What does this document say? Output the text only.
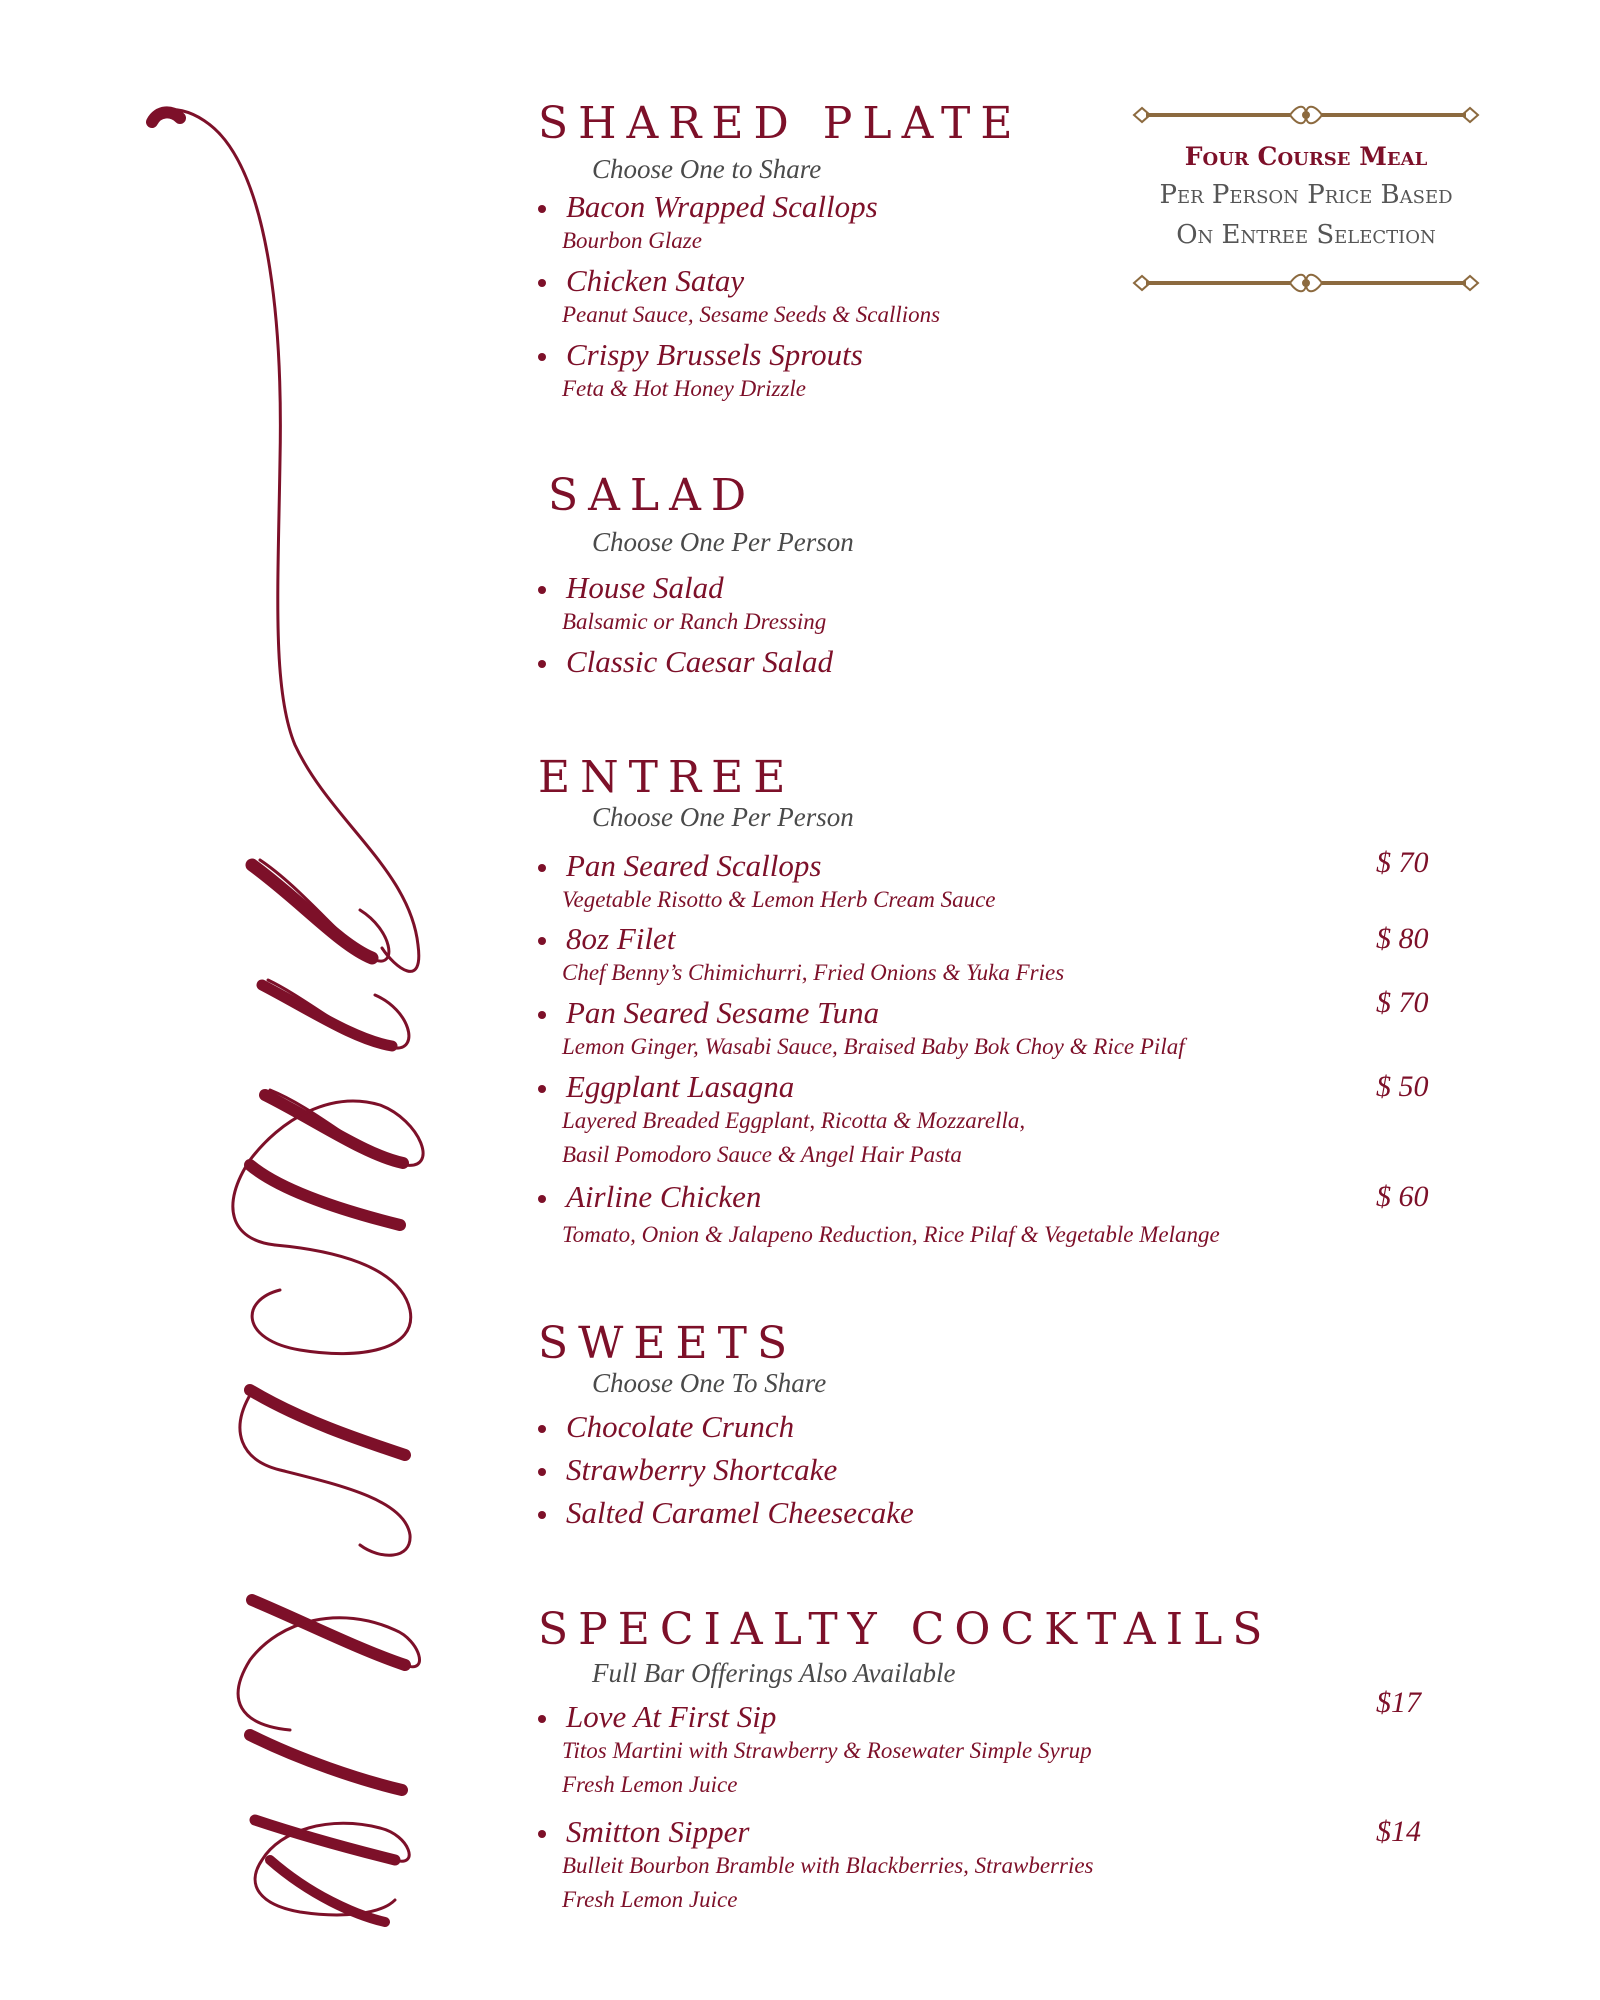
Four Course Meal

Per Person Price Based

On Entree Selection

SHARED PLATE

Choose One to Share

Bacon Wrapped Scallops
Bourbon Glaze
Chicken Satay
Peanut Sauce, Sesame Seeds & Scallions
Crispy Brussels Sprouts
Feta & Hot Honey Drizzle
SALAD

Choose One Per Person

House Salad
Balsamic or Ranch Dressing
Classic Caesar Salad
ENTREE

Choose One Per Person

Pan Seared Scallops
Vegetable Risotto & Lemon Herb Cream Sauce
$ 70
8oz Filet
Chef Benny’s Chimichurri, Fried Onions & Yuka Fries
$ 80
Pan Seared Sesame Tuna
Lemon Ginger, Wasabi Sauce, Braised Baby Bok Choy & Rice Pilaf
$ 70
Eggplant Lasagna
Layered Breaded Eggplant, Ricotta & Mozzarella,
Basil Pomodoro Sauce & Angel Hair Pasta
$ 50
Airline Chicken
Tomato, Onion & Jalapeno Reduction, Rice Pilaf & Vegetable Melange
$ 60
SWEETS

Choose One To Share

Chocolate Crunch
Strawberry Shortcake
Salted Caramel Cheesecake
SPECIALTY COCKTAILS

Full Bar Offerings Also Available

Love At First Sip
Titos Martini with Strawberry & Rosewater Simple Syrup
Fresh Lemon Juice
$17
Smitton Sipper
Bulleit Bourbon Bramble with Blackberries, Strawberries
Fresh Lemon Juice
$14
